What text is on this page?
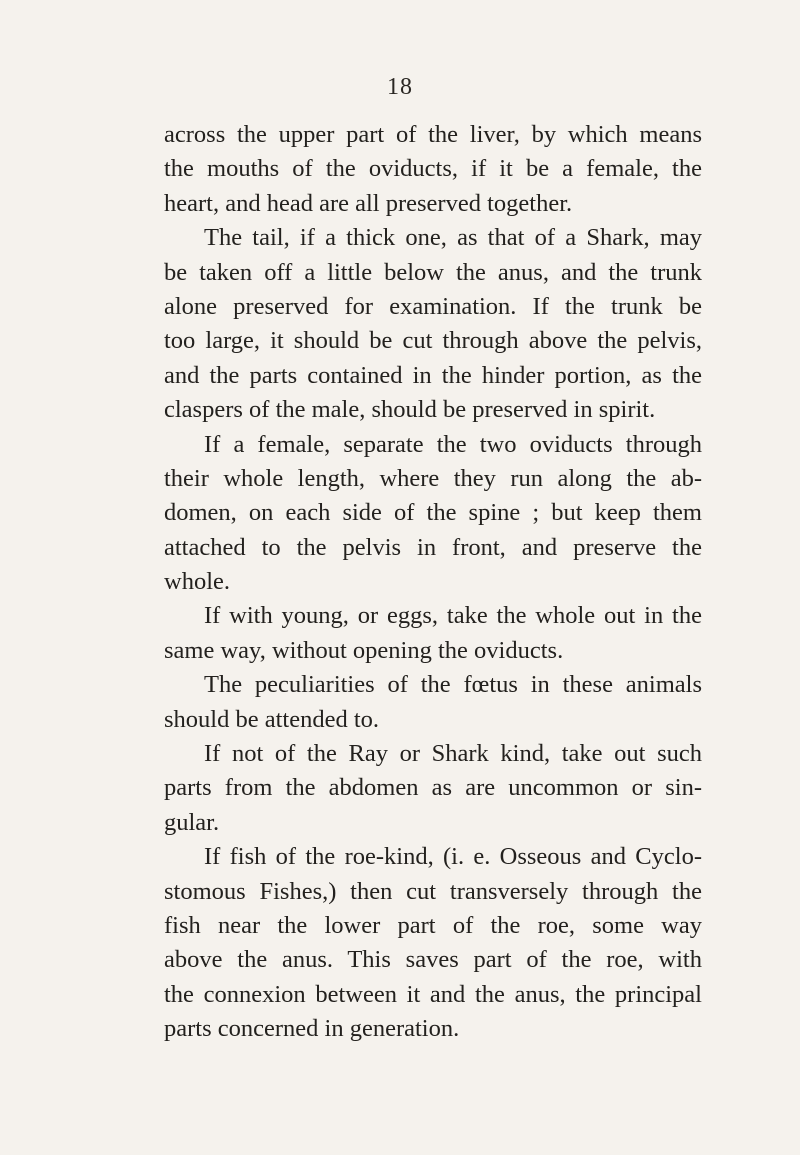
18
across the upper part of the liver, by which means
the mouths of the oviducts, if it be a female, the
heart, and head are all preserved together.
The tail, if a thick one, as that of a Shark, may
be taken off a little below the anus, and the trunk
alone preserved for examination. If the trunk be
too large, it should be cut through above the pelvis,
and the parts contained in the hinder portion, as the
claspers of the male, should be preserved in spirit.
If a female, separate the two oviducts through
their whole length, where they run along the ab-
domen, on each side of the spine ; but keep them
attached to the pelvis in front, and preserve the
whole.
If with young, or eggs, take the whole out in the
same way, without opening the oviducts.
The peculiarities of the fœtus in these animals
should be attended to.
If not of the Ray or Shark kind, take out such
parts from the abdomen as are uncommon or sin-
gular.
If fish of the roe-kind, (i. e. Osseous and Cyclo-
stomous Fishes,) then cut transversely through the
fish near the lower part of the roe, some way
above the anus. This saves part of the roe, with
the connexion between it and the anus, the principal
parts concerned in generation.
